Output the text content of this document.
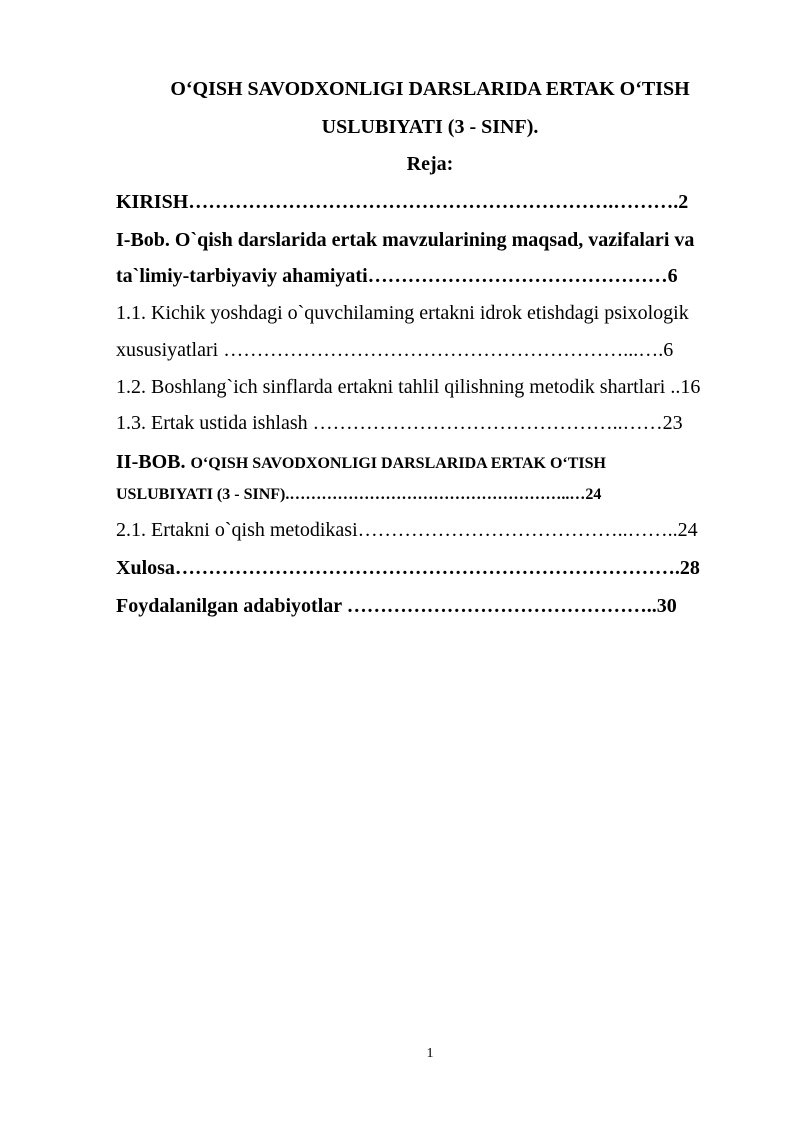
O‘QISH SAVODXONLIGI DARSLARIDA ERTAK O‘TISH
USLUBIYATI (3 - SINF).
Reja:
KIRISH……………………………………………………….……….2
I-Bob. O`qish darslarida ertak mavzularining maqsad, vazifalari va
ta`limiy-tarbiyaviy ahamiyati………………………………………6
1.1. Kichik yoshdagi o`quvchilaming ertakni idrok etishdagi psixologik
xususiyatlari ……………………………………………………...….6
1.2. Boshlang`ich sinflarda ertakni tahlil qilishning metodik shartlari ..16
1.3. Ertak ustida ishlash ………………………………………..……23
II-BOB. O‘QISH SAVODXONLIGI DARSLARIDA ERTAK O‘TISH
USLUBIYATI (3 - SINF).……………………………………………..…24
2.1. Ertakni o`qish metodikasi…………………………………..……..24
Xulosa………………………………………………………………….28
Foydalanilgan adabiyotlar ………………………………………..30
1
